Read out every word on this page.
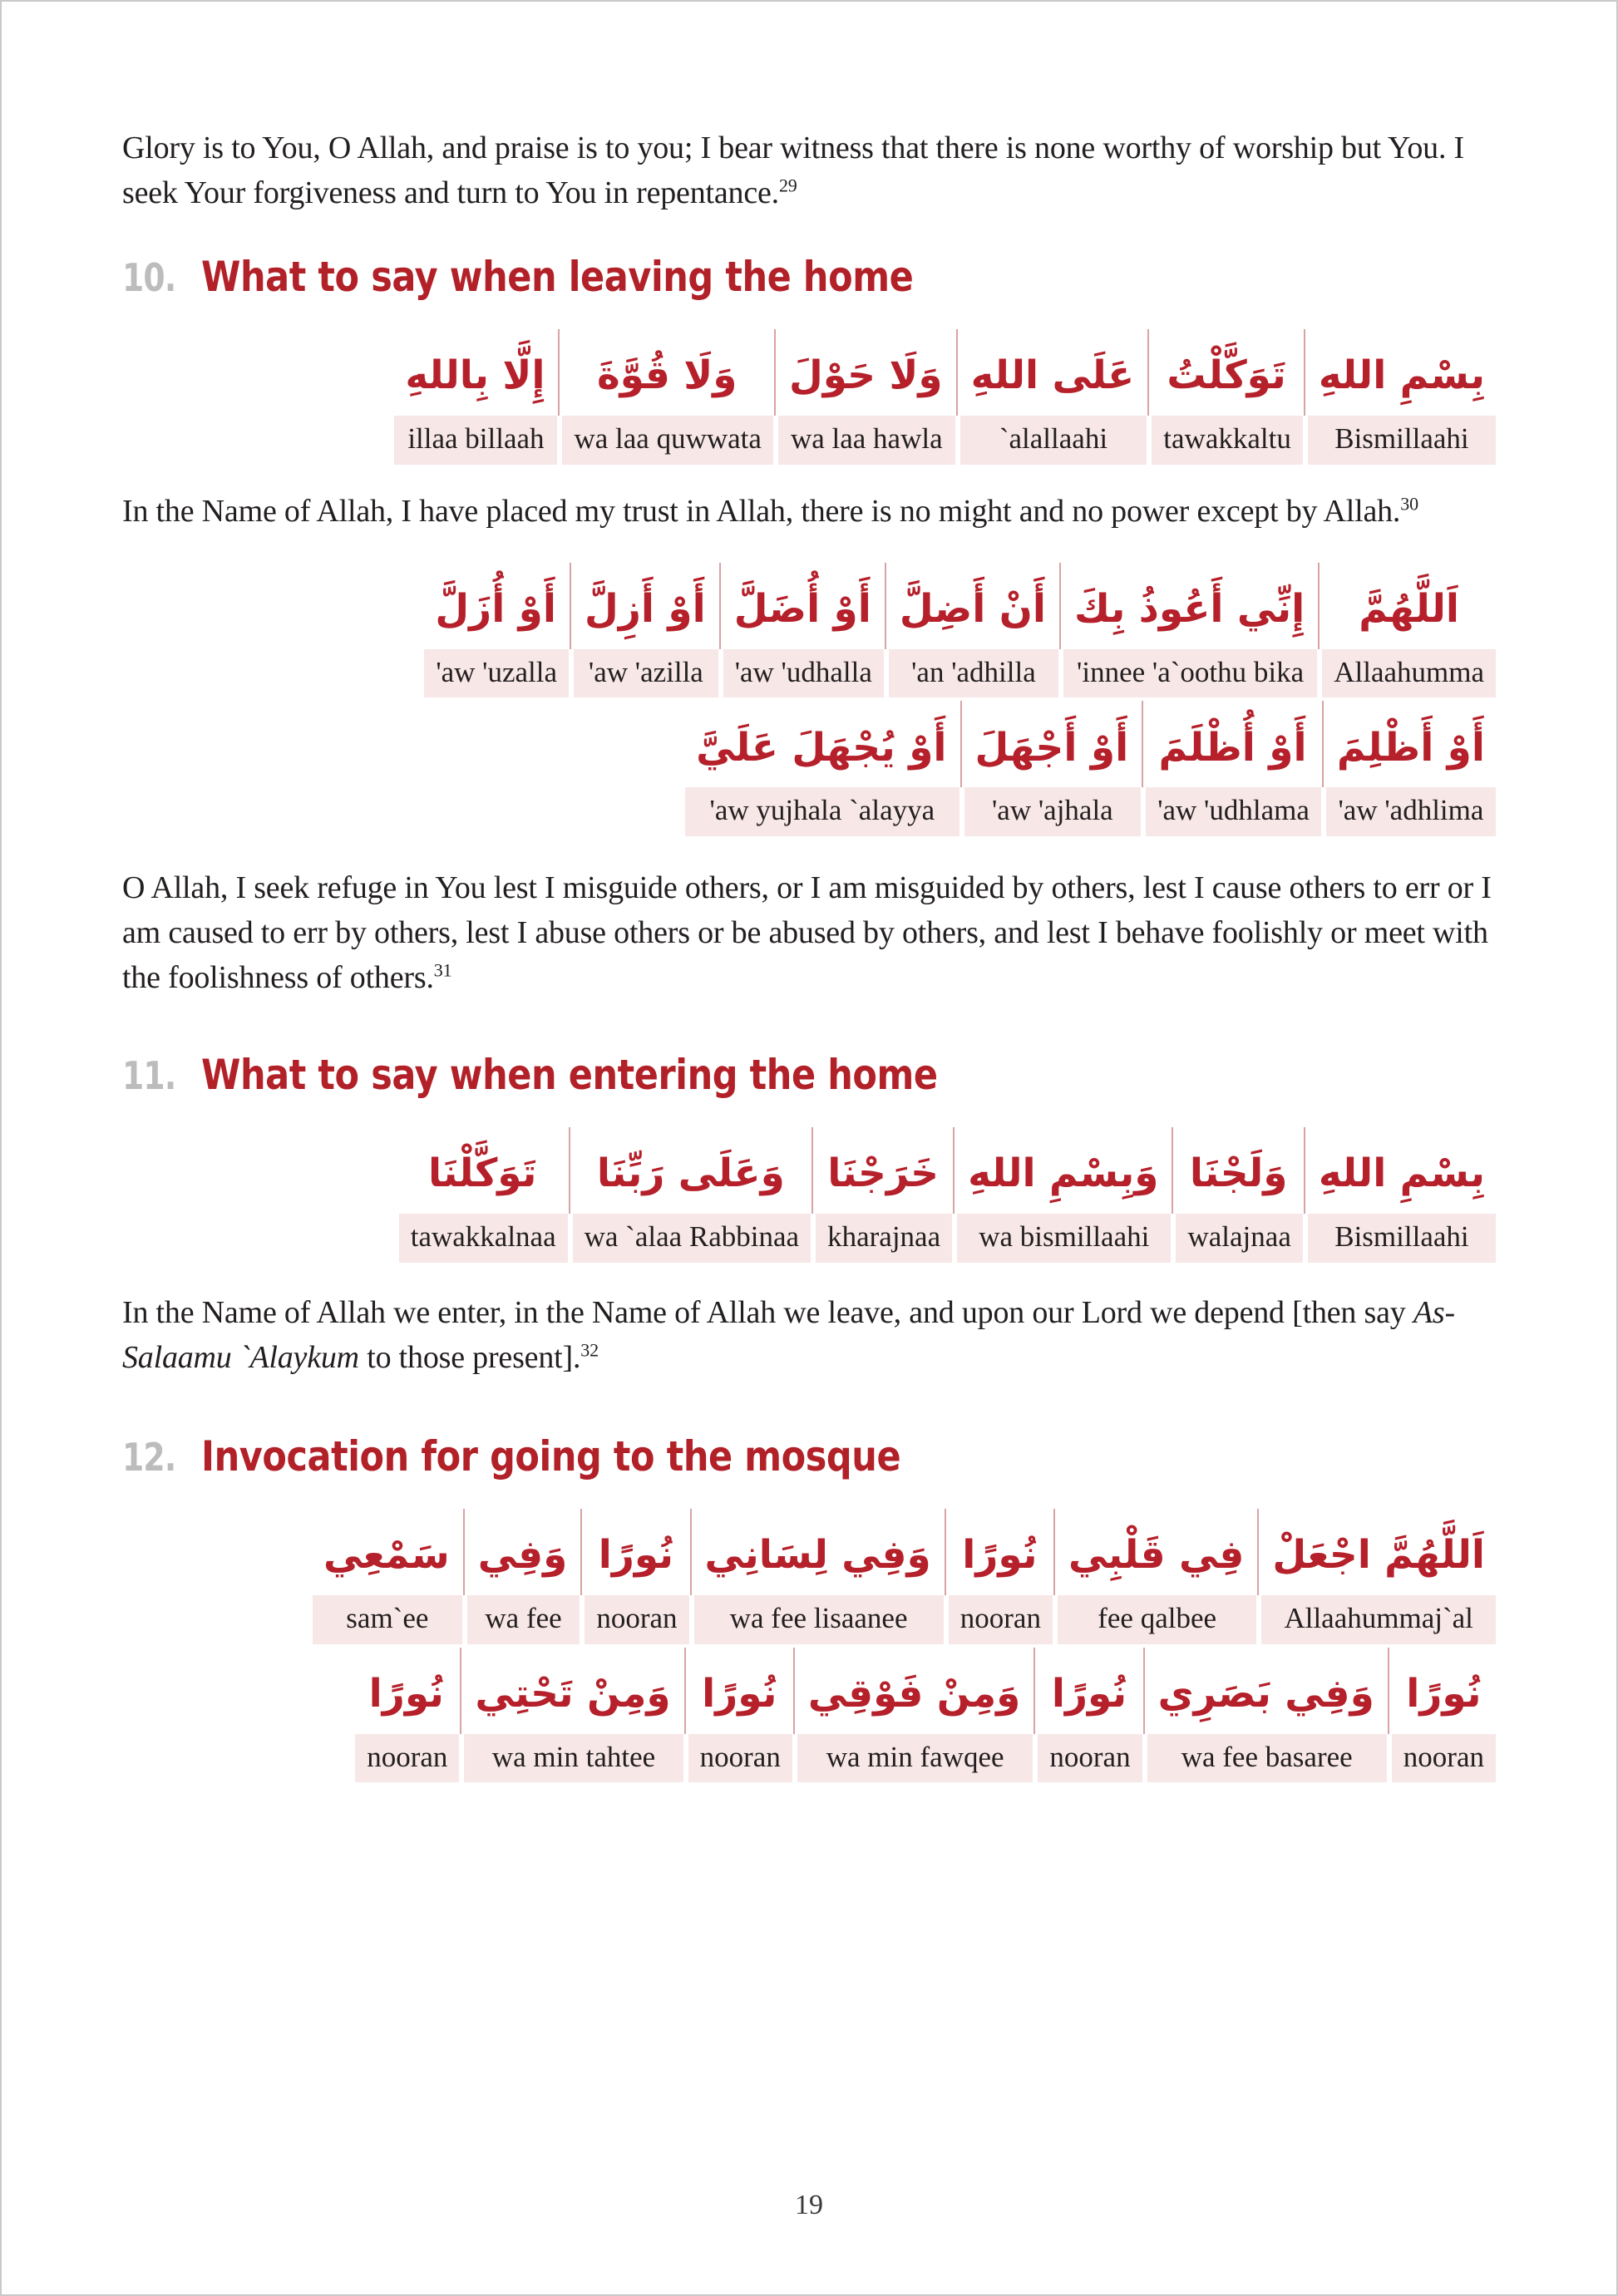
Glory is to You, O Allah, and praise is to you; I bear witness that there is none worthy of worship but You. I seek Your forgiveness and turn to You in repentance.$^{29}$

10. What to say when leaving the home
بِسْمِ اللهِ
Bismillaahi
تَوَكَّلْتُ
tawakkaltu
عَلَى اللهِ
`alallaahi
وَلَا حَوْلَ
wa laa hawla
وَلَا قُوَّةَ
wa laa quwwata
إِلَّا بِاللهِ
illaa billaah

In the Name of Allah, I have placed my trust in Allah, there is no might and no power except by Allah.$^{30}$

اَللَّهُمَّ
Allaahumma
إِنِّي أَعُوذُ بِكَ
'innee 'a`oothu bika
أَنْ أَضِلَّ
'an 'adhilla
أَوْ أُضَلَّ
'aw 'udhalla
أَوْ أَزِلَّ
'aw 'azilla
أَوْ أُزَلَّ
'aw 'uzalla
أَوْ أَظْلِمَ
'aw 'adhlima
أَوْ أُظْلَمَ
'aw 'udhlama
أَوْ أَجْهَلَ
'aw 'ajhala
أَوْ يُجْهَلَ عَلَيَّ
'aw yujhala `alayya

O Allah, I seek refuge in You lest I misguide others, or I am misguided by others, lest I cause others to err or I am caused to err by others, lest I abuse others or be abused by others, and lest I behave foolishly or meet with the foolishness of others.$^{31}$

11. What to say when entering the home
بِسْمِ اللهِ
Bismillaahi
وَلَجْنَا
walajnaa
وَبِسْمِ اللهِ
wa bismillaahi
خَرَجْنَا
kharajnaa
وَعَلَى رَبِّنَا
wa `alaa Rabbinaa
تَوَكَّلْنَا
tawakkalnaa

In the Name of Allah we enter, in the Name of Allah we leave, and upon our Lord we depend [then say As-Salaamu `Alaykum to those present].$^{32}$

12. Invocation for going to the mosque
اَللَّهُمَّ اجْعَلْ
Allaahummaj`al
فِي قَلْبِي
fee qalbee
نُورًا
nooran
وَفِي لِسَانِي
wa fee lisaanee
نُورًا
nooran
وَفِي
wa fee
سَمْعِي
sam`ee
نُورًا
nooran
وَفِي بَصَرِي
wa fee basaree
نُورًا
nooran
وَمِنْ فَوْقِي
wa min fawqee
نُورًا
nooran
وَمِنْ تَحْتِي
wa min tahtee
نُورًا
nooran
19
